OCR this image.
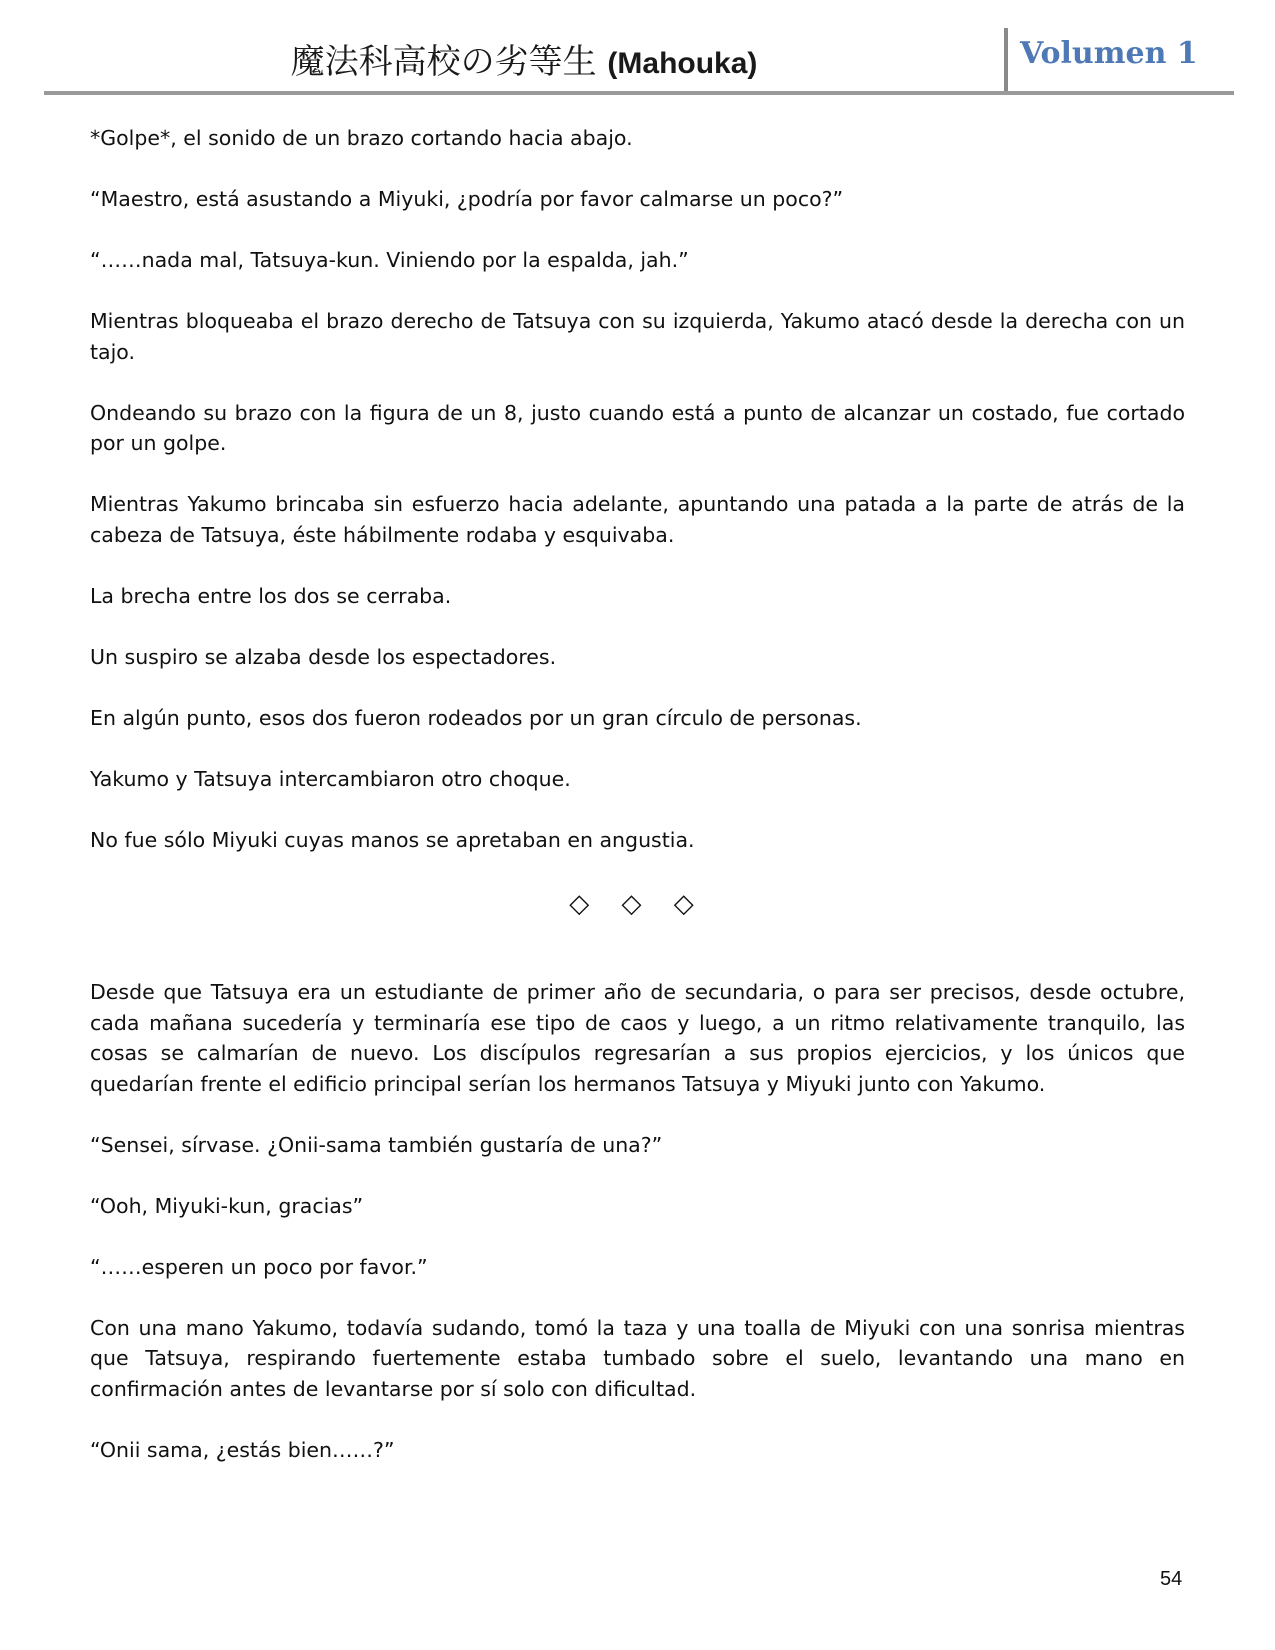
魔法科高校の劣等生 (Mahouka)	Volumen 1

*Golpe*, el sonido de un brazo cortando hacia abajo.

“Maestro, está asustando a Miyuki, ¿podría por favor calmarse un poco?”

“……nada mal, Tatsuya-kun. Viniendo por la espalda, jah.”

Mientras bloqueaba el brazo derecho de Tatsuya con su izquierda, Yakumo atacó desde la derecha con un tajo.

Ondeando su brazo con la figura de un 8, justo cuando está a punto de alcanzar un costado, fue cortado por un golpe.

Mientras Yakumo brincaba sin esfuerzo hacia adelante, apuntando una patada a la parte de atrás de la cabeza de Tatsuya, éste hábilmente rodaba y esquivaba.

La brecha entre los dos se cerraba.

Un suspiro se alzaba desde los espectadores.

En algún punto, esos dos fueron rodeados por un gran círculo de personas.

Yakumo y Tatsuya intercambiaron otro choque.

No fue sólo Miyuki cuyas manos se apretaban en angustia.

◇ ◇ ◇

Desde que Tatsuya era un estudiante de primer año de secundaria, o para ser precisos, desde octubre, cada mañana sucedería y terminaría ese tipo de caos y luego, a un ritmo relativamente tranquilo, las cosas se calmarían de nuevo. Los discípulos regresarían a sus propios ejercicios, y los únicos que quedarían frente el edificio principal serían los hermanos Tatsuya y Miyuki junto con Yakumo.

“Sensei, sírvase. ¿Onii-sama también gustaría de una?”

“Ooh, Miyuki-kun, gracias”

“……esperen un poco por favor.”

Con una mano Yakumo, todavía sudando, tomó la taza y una toalla de Miyuki con una sonrisa mientras que Tatsuya, respirando fuertemente estaba tumbado sobre el suelo, levantando una mano en confirmación antes de levantarse por sí solo con dificultad.

“Onii sama, ¿estás bien……?”

54
